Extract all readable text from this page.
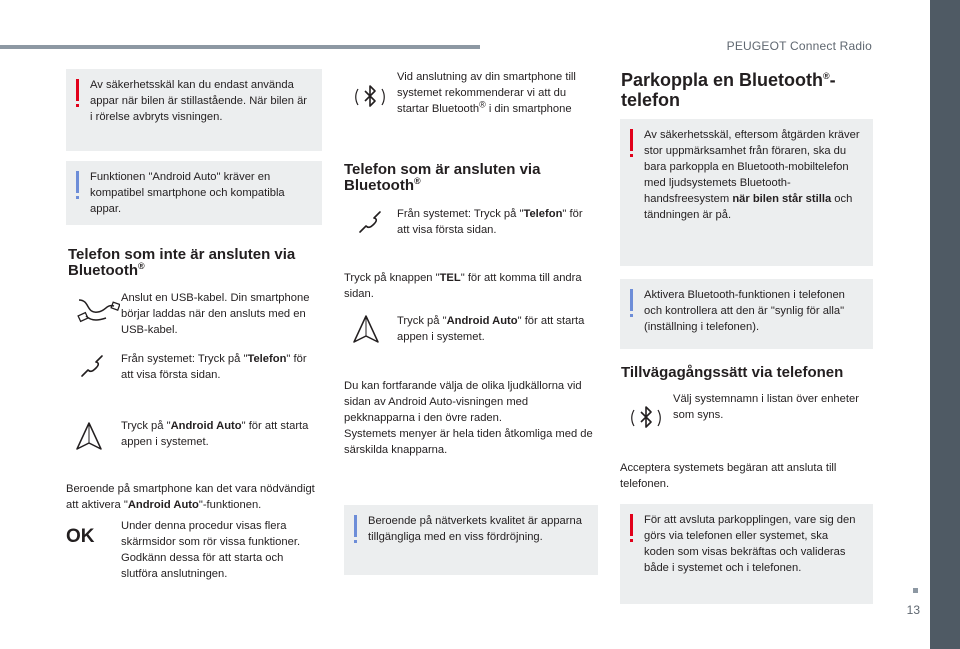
PEUGEOT Connect Radio
13
Av säkerhetsskäl kan du endast använda appar när bilen är stillastående. När bilen är i rörelse avbryts visningen.
Funktionen "Android Auto" kräver en kompatibel smartphone och kompatibla appar.
Telefon som inte är ansluten via Bluetooth®
Anslut en USB-kabel. Din smartphone börjar laddas när den ansluts med en USB-kabel.
Från systemet: Tryck på "Telefon" för att visa första sidan.
Tryck på "Android Auto" för att starta appen i systemet.
Beroende på smartphone kan det vara nödvändigt att aktivera "Android Auto"-funktionen.
OK	Under denna procedur visas flera skärmsidor som rör vissa funktioner. Godkänn dessa för att starta och slutföra anslutningen.
Vid anslutning av din smartphone till systemet rekommenderar vi att du startar Bluetooth® i din smartphone
Telefon som är ansluten via Bluetooth®
Från systemet: Tryck på "Telefon" för att visa första sidan.
Tryck på knappen "TEL" för att komma till andra sidan.
Tryck på "Android Auto" för att starta appen i systemet.
Du kan fortfarande välja de olika ljudkällorna vid sidan av Android Auto-visningen med pekknapparna i den övre raden.
Systemets menyer är hela tiden åtkomliga med de särskilda knapparna.
Beroende på nätverkets kvalitet är apparna tillgängliga med en viss fördröjning.
Parkoppla en Bluetooth®-telefon
Av säkerhetsskäl, eftersom åtgärden kräver stor uppmärksamhet från föraren, ska du bara parkoppla en Bluetooth-mobiltelefon med ljudsystemets Bluetooth-handsfreesystem när bilen står stilla och tändningen är på.
Aktivera Bluetooth-funktionen i telefonen och kontrollera att den är "synlig för alla" (inställning i telefonen).
Tillvägagångssätt via telefonen
Välj systemnamn i listan över enheter som syns.
Acceptera systemets begäran att ansluta till telefonen.
För att avsluta parkopplingen, vare sig den görs via telefonen eller systemet, ska koden som visas bekräftas och valideras både i systemet och i telefonen.
